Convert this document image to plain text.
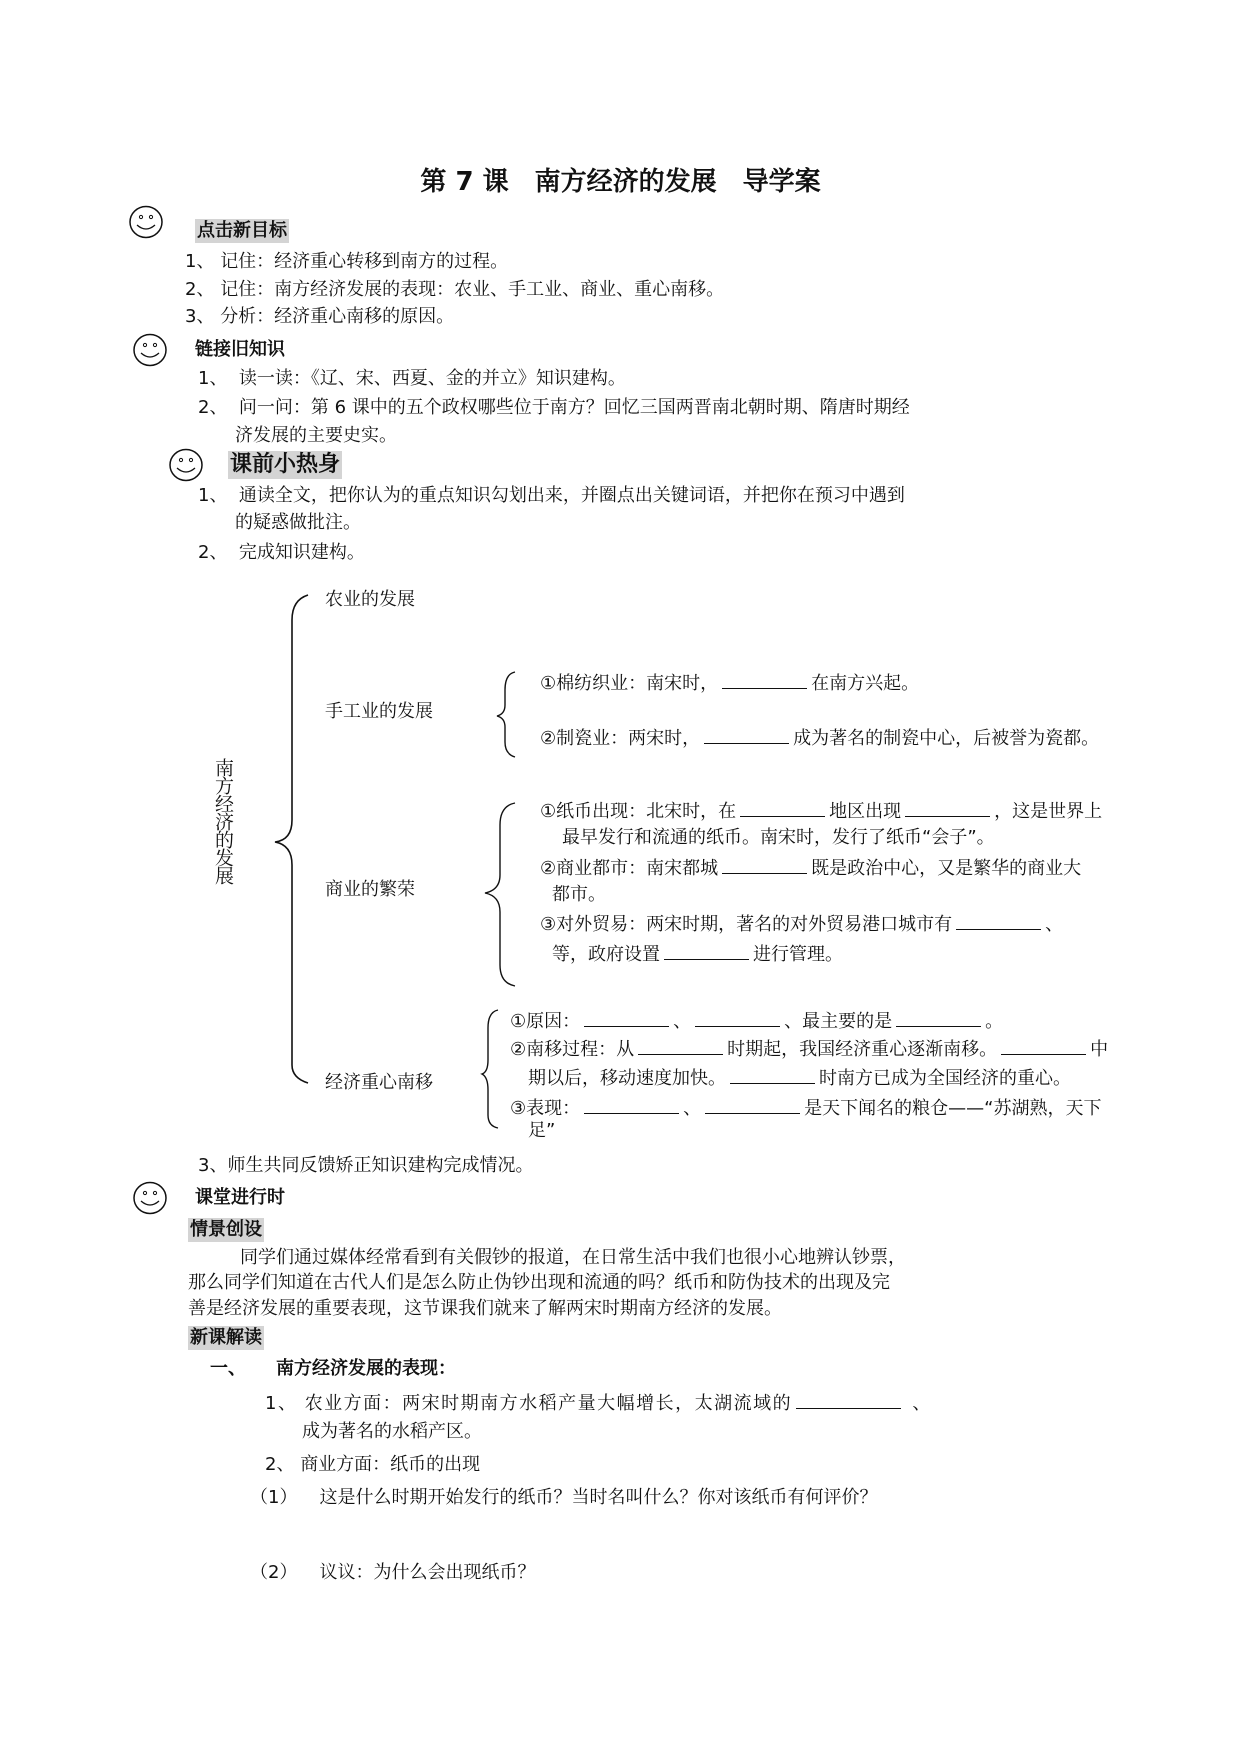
第 7 课　南方经济的发展　导学案
点击新目标
1、 记住：经济重心转移到南方的过程。
2、 记住：南方经济发展的表现：农业、手工业、商业、重心南移。
3、 分析：经济重心南移的原因。
链接旧知识
1、 读一读：《辽、宋、西夏、金的并立》知识建构。
2、 问一问：第 6 课中的五个政权哪些位于南方？回忆三国两晋南北朝时期、隋唐时期经
济发展的主要史实。
课前小热身
1、 通读全文，把你认为的重点知识勾划出来，并圈点出关键词语，并把你在预习中遇到
的疑惑做批注。
2、 完成知识建构。
南方经济的发展
农业的发展
手工业的发展
①棉纺织业：南宋时，	在南方兴起。
②制瓷业：两宋时，	成为著名的制瓷中心，后被誉为瓷都。
商业的繁荣
①纸币出现：北宋时，在	地区出现	，这是世界上
最早发行和流通的纸币。南宋时，发行了纸币“会子”。
②商业都市：南宋都城	既是政治中心，又是繁华的商业大
都市。
③对外贸易：两宋时期，著名的对外贸易港口城市有	、
等，政府设置	进行管理。
经济重心南移
①原因：	、	、最主要的是	。
②南移过程：从	时期起，我国经济重心逐渐南移。	中
期以后，移动速度加快。	时南方已成为全国经济的重心。
③表现：	、	是天下闻名的粮仓——“苏湖熟，天下
足”
3、师生共同反馈矫正知识建构完成情况。
课堂进行时
情景创设
同学们通过媒体经常看到有关假钞的报道，在日常生活中我们也很小心地辨认钞票，
那么同学们知道在古代人们是怎么防止伪钞出现和流通的吗？纸币和防伪技术的出现及完
善是经济发展的重要表现，这节课我们就来了解两宋时期南方经济的发展。
新课解读
一、 南方经济发展的表现：
1、 农业方面：两宋时期南方水稻产量大幅增长，太湖流域的	、
成为著名的水稻产区。
2、 商业方面：纸币的出现
（1） 这是什么时期开始发行的纸币？当时名叫什么？你对该纸币有何评价？
（2） 议议：为什么会出现纸币？
